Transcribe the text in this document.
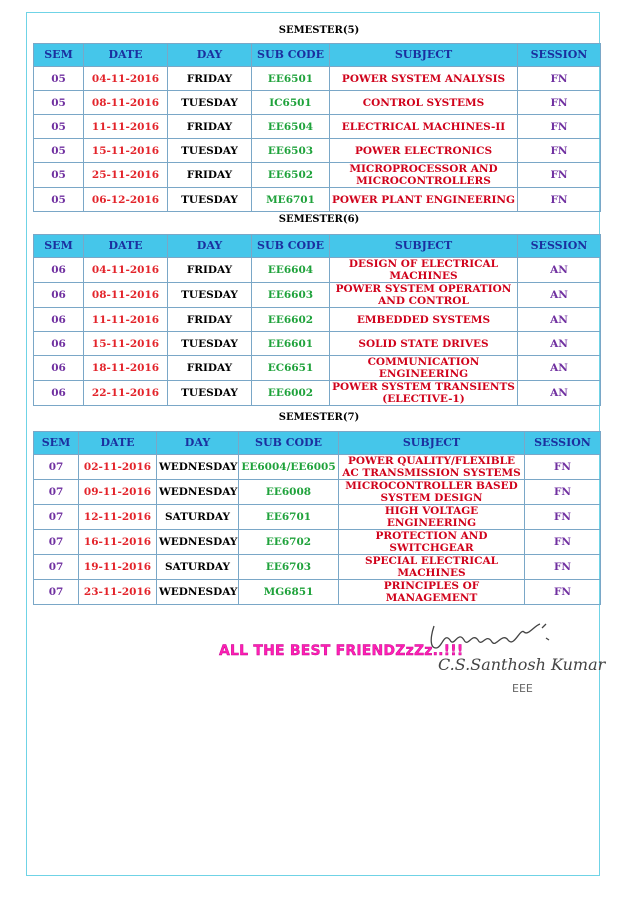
SEMESTER(5)
SEM	DATE	DAY	SUB CODE	SUBJECT	SESSION
05	04-11-2016	FRIDAY	EE6501	POWER SYSTEM ANALYSIS	FN
05	08-11-2016	TUESDAY	IC6501	CONTROL SYSTEMS	FN
05	11-11-2016	FRIDAY	EE6504	ELECTRICAL MACHINES-II	FN
05	15-11-2016	TUESDAY	EE6503	POWER ELECTRONICS	FN
05	25-11-2016	FRIDAY	EE6502	MICROPROCESSOR AND MICROCONTROLLERS	FN
05	06-12-2016	TUESDAY	ME6701	POWER PLANT ENGINEERING	FN
SEMESTER(6)
SEM	DATE	DAY	SUB CODE	SUBJECT	SESSION
06	04-11-2016	FRIDAY	EE6604	DESIGN OF ELECTRICAL MACHINES	AN
06	08-11-2016	TUESDAY	EE6603	POWER SYSTEM OPERATION AND CONTROL	AN
06	11-11-2016	FRIDAY	EE6602	EMBEDDED SYSTEMS	AN
06	15-11-2016	TUESDAY	EE6601	SOLID STATE DRIVES	AN
06	18-11-2016	FRIDAY	EC6651	COMMUNICATION ENGINEERING	AN
06	22-11-2016	TUESDAY	EE6002	POWER SYSTEM TRANSIENTS (ELECTIVE-1)	AN
SEMESTER(7)
SEM	DATE	DAY	SUB CODE	SUBJECT	SESSION
07	02-11-2016	WEDNESDAY	EE6004/EE6005	POWER QUALITY/FLEXIBLE AC TRANSMISSION SYSTEMS	FN
07	09-11-2016	WEDNESDAY	EE6008	MICROCONTROLLER BASED SYSTEM DESIGN	FN
07	12-11-2016	SATURDAY	EE6701	HIGH VOLTAGE ENGINEERING	FN
07	16-11-2016	WEDNESDAY	EE6702	PROTECTION AND SWITCHGEAR	FN
07	19-11-2016	SATURDAY	EE6703	SPECIAL ELECTRICAL MACHINES	FN
07	23-11-2016	WEDNESDAY	MG6851	PRINCIPLES OF MANAGEMENT	FN
ALL THE BEST FRIENDZzZz..!!!
C.S.Santhosh Kumar
EEE
